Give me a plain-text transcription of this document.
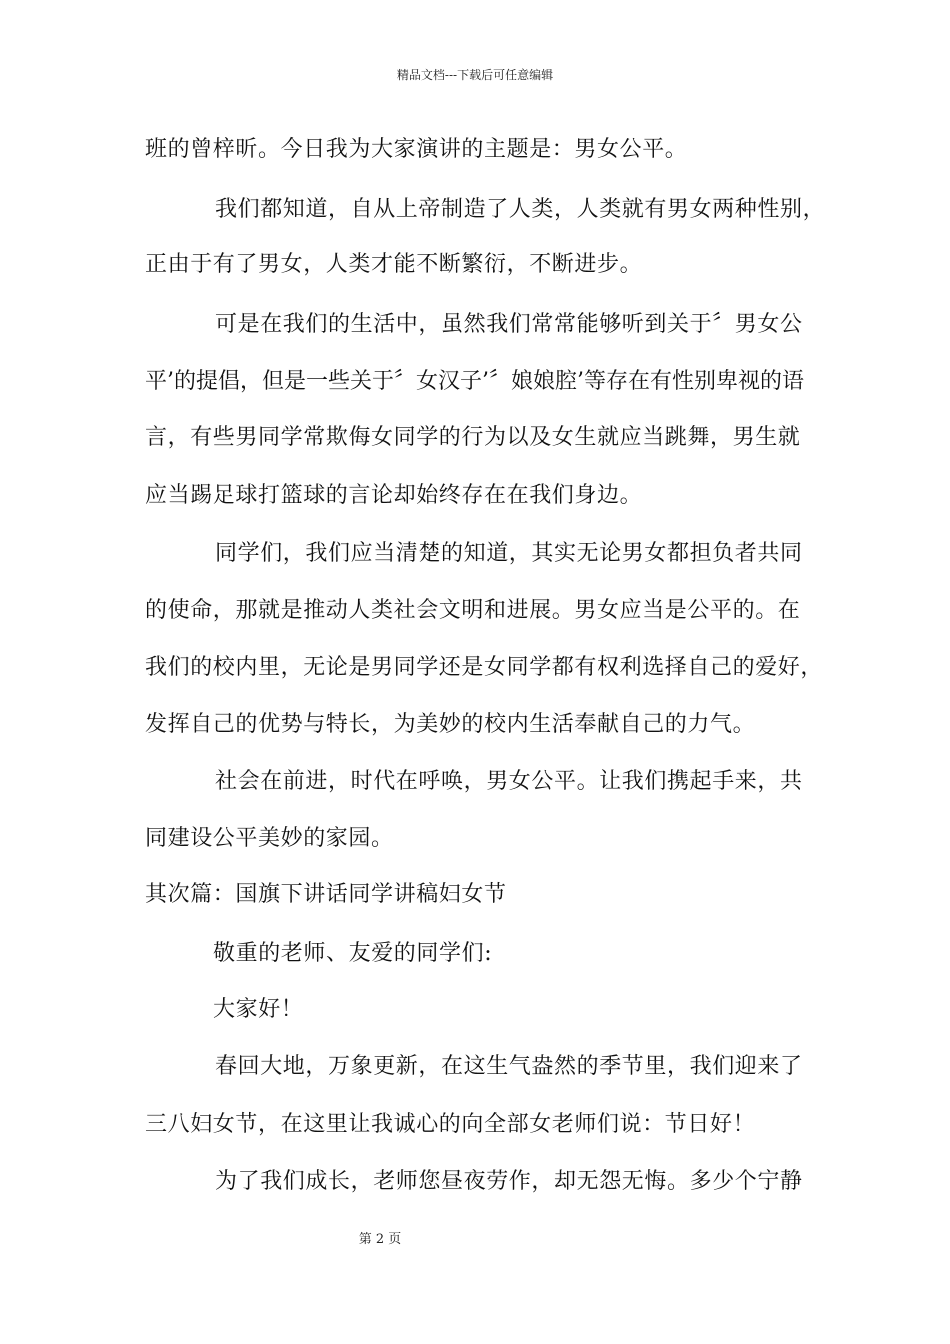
精品文档---下载后可任意编辑
班的曾梓昕。今日我为大家演讲的主题是：男女公平。
我们都知道，自从上帝制造了人类，人类就有男女两种性别，
正由于有了男女，人类才能不断繁衍，不断进步。
可是在我们的生活中，虽然我们常常能够听到关于〞男女公
平’的提倡，但是一些关于〞女汉子’〞娘娘腔’等存在有性别卑视的语
言，有些男同学常欺侮女同学的行为以及女生就应当跳舞，男生就
应当踢足球打篮球的言论却始终存在在我们身边。
同学们，我们应当清楚的知道，其实无论男女都担负者共同
的使命，那就是推动人类社会文明和进展。男女应当是公平的。在
我们的校内里，无论是男同学还是女同学都有权利选择自己的爱好，
发挥自己的优势与特长，为美妙的校内生活奉献自己的力气。
社会在前进，时代在呼唤，男女公平。让我们携起手来，共
同建设公平美妙的家园。
其次篇：国旗下讲话同学讲稿妇女节
敬重的老师、友爱的同学们:
大家好！
春回大地，万象更新，在这生气盎然的季节里，我们迎来了
三八妇女节，在这里让我诚心的向全部女老师们说：节日好！
为了我们成长，老师您昼夜劳作，却无怨无悔。多少个宁静
第 2 页
